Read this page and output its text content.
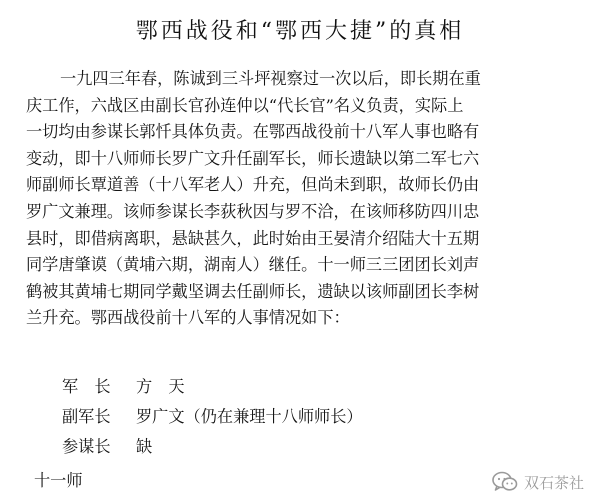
鄂西战役和“鄂西大捷”的真相
一九四三年春，陈诚到三斗坪视察过一次以后，即长期在重
庆工作，六战区由副长官孙连仲以“代长官”名义负责，实际上
一切均由参谋长郭忏具体负责。在鄂西战役前十八军人事也略有
变动，即十八师师长罗广文升任副军长，师长遗缺以第二军七六
师副师长覃道善（十八军老人）升充，但尚未到职，故师长仍由
罗广文兼理。该师参谋长李荻秋因与罗不洽，在该师移防四川忠
县时，即借病离职，悬缺甚久，此时始由王晏清介绍陆大十五期
同学唐肇谟（黄埔六期，湖南人）继任。十一师三三团团长刘声
鹤被其黄埔七期同学戴坚调去任副师长，遗缺以该师副团长李树
兰升充。鄂西战役前十八军的人事情况如下：
军　长 方　天
副军长 罗广文（仍在兼理十八师师长）
参谋长 缺
十一师	双石茶社
